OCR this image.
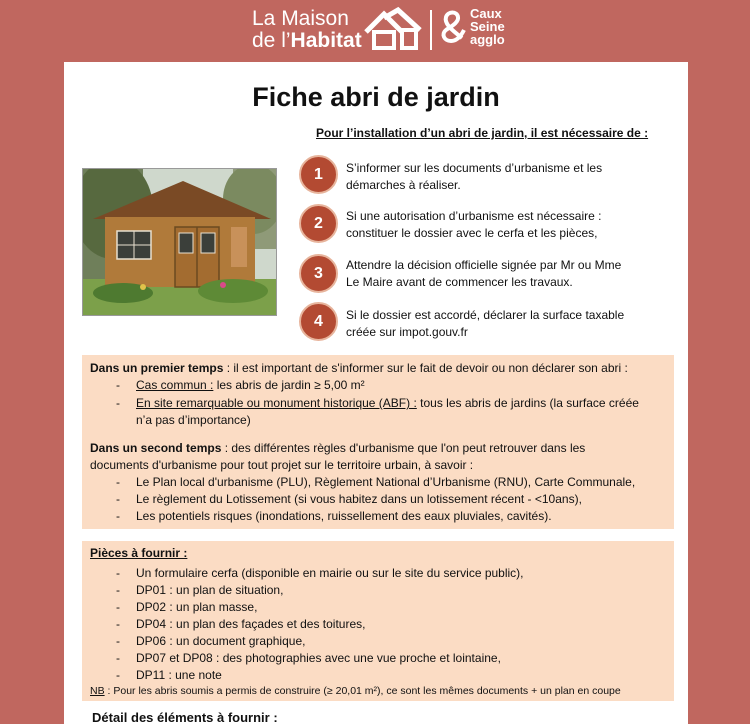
La Maison
de l’Habitat
Caux
Seine
agglo
Fiche abri de jardin
Pour l’installation d’un abri de jardin, il est nécessaire de :
1	S’informer sur les documents d’urbanisme et les
démarches à réaliser.
2	Si une autorisation d’urbanisme est nécessaire :
constituer le dossier avec le cerfa et les pièces,
3	Attendre la décision officielle signée par Mr ou Mme
Le Maire avant de commencer les travaux.
4	Si le dossier est accordé, déclarer la surface taxable
créée sur impot.gouv.fr
Dans un premier temps : il est important de s'informer sur le fait de devoir ou non déclarer son abri :
- Cas commun : les abris de jardin ≥ 5,00 m²
- En site remarquable ou monument historique (ABF) : tous les abris de jardins (la surface créée
n’a pas d’importance)
Dans un second temps : des différentes règles d'urbanisme que l'on peut retrouver dans les
documents d'urbanisme pour tout projet sur le territoire urbain, à savoir :
- Le Plan local d'urbanisme (PLU), Règlement National d’Urbanisme (RNU), Carte Communale,
- Le règlement du Lotissement (si vous habitez dans un lotissement récent - <10ans),
- Les potentiels risques (inondations, ruissellement des eaux pluviales, cavités).
Pièces à fournir :
- Un formulaire cerfa (disponible en mairie ou sur le site du service public),
- DP01 : un plan de situation,
- DP02 : un plan masse,
- DP04 : un plan des façades et des toitures,
- DP06 : un document graphique,
- DP07 et DP08 : des photographies avec une vue proche et lointaine,
- DP11 : une note
NB : Pour les abris soumis a permis de construire (≥ 20,01 m²), ce sont les mêmes documents + un plan en coupe
Détail des éléments à fournir :
